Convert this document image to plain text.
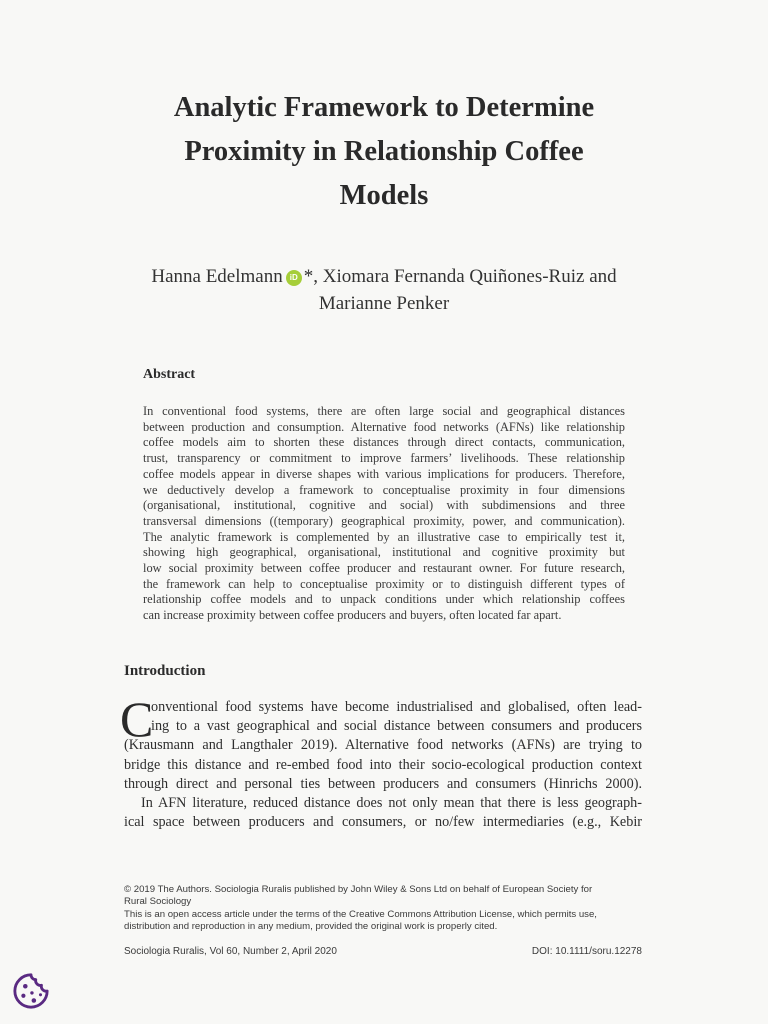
Analytic Framework to Determine
Proximity in Relationship Coffee
Models
Hanna Edelmann iD *, Xiomara Fernanda Quiñones-Ruiz and
Marianne Penker
Abstract
In conventional food systems, there are often large social and geographical distances
between production and consumption. Alternative food networks (AFNs) like relationship
coffee models aim to shorten these distances through direct contacts, communication,
trust, transparency or commitment to improve farmers’ livelihoods. These relationship
coffee models appear in diverse shapes with various implications for producers. Therefore,
we deductively develop a framework to conceptualise proximity in four dimensions
(organisational, institutional, cognitive and social) with subdimensions and three
transversal dimensions ((temporary) geographical proximity, power, and communication).
The analytic framework is complemented by an illustrative case to empirically test it,
showing high geographical, organisational, institutional and cognitive proximity but
low social proximity between coffee producer and restaurant owner. For future research,
the framework can help to conceptualise proximity or to distinguish different types of
relationship coffee models and to unpack conditions under which relationship coffees
can increase proximity between coffee producers and buyers, often located far apart.
Introduction
C
onventional food systems have become industrialised and globalised, often lead-
ing to a vast geographical and social distance between consumers and producers
(Krausmann and Langthaler 2019). Alternative food networks (AFNs) are trying to
bridge this distance and re-embed food into their socio-ecological production context
through direct and personal ties between producers and consumers (Hinrichs 2000).
In AFN literature, reduced distance does not only mean that there is less geograph-
ical space between producers and consumers, or no/few intermediaries (e.g., Kebir
© 2019 The Authors. Sociologia Ruralis published by John Wiley & Sons Ltd on behalf of European Society for
Rural Sociology
This is an open access article under the terms of the Creative Commons Attribution License, which permits use,
distribution and reproduction in any medium, provided the original work is properly cited.
Sociologia Ruralis, Vol 60, Number 2, April 2020	DOI: 10.1111/soru.12278
